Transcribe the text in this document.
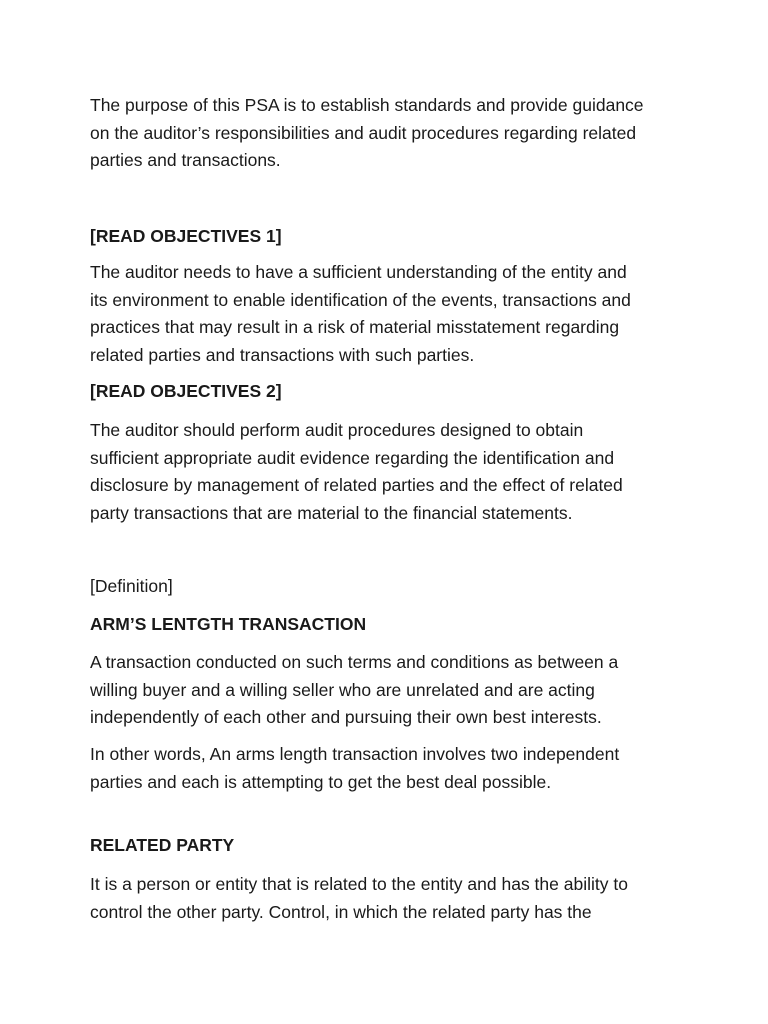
The purpose of this PSA is to establish standards and provide guidance
on the auditor’s responsibilities and audit procedures regarding related
parties and transactions.

[READ OBJECTIVES 1]

The auditor needs to have a sufficient understanding of the entity and
its environment to enable identification of the events, transactions and
practices that may result in a risk of material misstatement regarding
related parties and transactions with such parties.

[READ OBJECTIVES 2]

The auditor should perform audit procedures designed to obtain
sufficient appropriate audit evidence regarding the identification and
disclosure by management of related parties and the effect of related
party transactions that are material to the financial statements.

[Definition]

ARM’S LENTGTH TRANSACTION

A transaction conducted on such terms and conditions as between a
willing buyer and a willing seller who are unrelated and are acting
independently of each other and pursuing their own best interests.

In other words, An arms length transaction involves two independent
parties and each is attempting to get the best deal possible.

RELATED PARTY

It is a person or entity that is related to the entity and has the ability to
control the other party. Control, in which the related party has the
